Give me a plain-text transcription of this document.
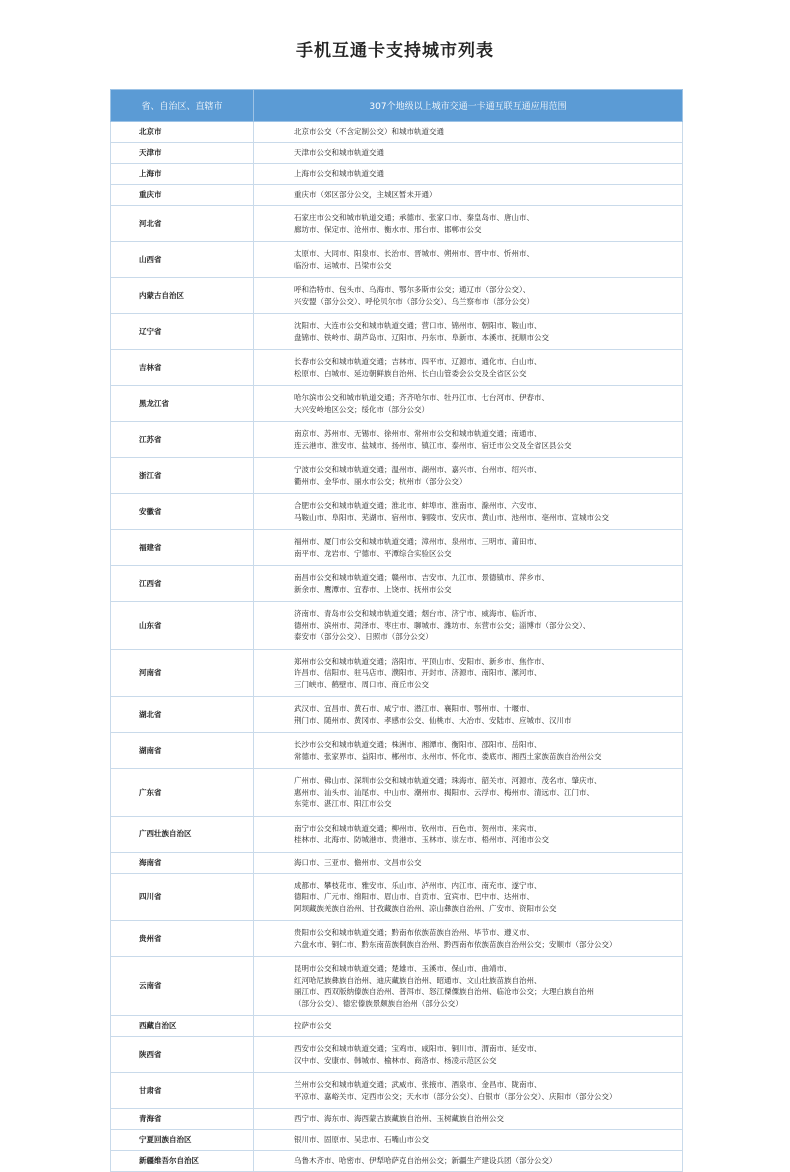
手机互通卡支持城市列表
省、自治区、直辖市	307个地级以上城市交通一卡通互联互通应用范围
北京市	北京市公交（不含定制公交）和城市轨道交通

天津市	天津市公交和城市轨道交通

上海市	上海市公交和城市轨道交通

重庆市	重庆市（郊区部分公交，主城区暂未开通）

河北省	石家庄市公交和城市轨道交通；承德市、张家口市、秦皇岛市、唐山市、
廊坊市、保定市、沧州市、衡水市、邢台市、邯郸市公交

山西省	太原市、大同市、阳泉市、长治市、晋城市、朔州市、晋中市、忻州市、
临汾市、运城市、吕梁市公交

内蒙古自治区	呼和浩特市、包头市、乌海市、鄂尔多斯市公交；通辽市（部分公交）、
兴安盟（部分公交）、呼伦贝尔市（部分公交）、乌兰察布市（部分公交）

辽宁省	沈阳市、大连市公交和城市轨道交通；营口市、锦州市、朝阳市、鞍山市、
盘锦市、铁岭市、葫芦岛市、辽阳市、丹东市、阜新市、本溪市、抚顺市公交

吉林省	长春市公交和城市轨道交通；吉林市、四平市、辽源市、通化市、白山市、
松原市、白城市、延边朝鲜族自治州、长白山管委会公交及全省区公交

黑龙江省	哈尔滨市公交和城市轨道交通；齐齐哈尔市、牡丹江市、七台河市、伊春市、
大兴安岭地区公交；绥化市（部分公交）

江苏省	南京市、苏州市、无锡市、徐州市、常州市公交和城市轨道交通；南通市、
连云港市、淮安市、盐城市、扬州市、镇江市、泰州市、宿迁市公交及全省区县公交

浙江省	宁波市公交和城市轨道交通；温州市、湖州市、嘉兴市、台州市、绍兴市、
衢州市、金华市、丽水市公交；杭州市（部分公交）

安徽省	合肥市公交和城市轨道交通；淮北市、蚌埠市、淮南市、滁州市、六安市、
马鞍山市、阜阳市、芜湖市、宿州市、铜陵市、安庆市、黄山市、池州市、亳州市、宣城市公交

福建省	福州市、厦门市公交和城市轨道交通；漳州市、泉州市、三明市、莆田市、
南平市、龙岩市、宁德市、平潭综合实验区公交

江西省	南昌市公交和城市轨道交通；赣州市、吉安市、九江市、景德镇市、萍乡市、
新余市、鹰潭市、宜春市、上饶市、抚州市公交

山东省	济南市、青岛市公交和城市轨道交通；烟台市、济宁市、威海市、临沂市、
德州市、滨州市、菏泽市、枣庄市、聊城市、潍坊市、东营市公交；淄博市（部分公交）、
泰安市（部分公交）、日照市（部分公交）

河南省	郑州市公交和城市轨道交通；洛阳市、平顶山市、安阳市、新乡市、焦作市、
许昌市、信阳市、驻马店市、濮阳市、开封市、济源市、南阳市、漯河市、
三门峡市、鹤壁市、周口市、商丘市公交

湖北省	武汉市、宜昌市、黄石市、咸宁市、潜江市、襄阳市、鄂州市、十堰市、
荆门市、随州市、黄冈市、孝感市公交、仙桃市、大冶市、安陆市、应城市、汉川市

湖南省	长沙市公交和城市轨道交通；株洲市、湘潭市、衡阳市、邵阳市、岳阳市、
常德市、张家界市、益阳市、郴州市、永州市、怀化市、娄底市、湘西土家族苗族自治州公交

广东省	广州市、佛山市、深圳市公交和城市轨道交通；珠海市、韶关市、河源市、茂名市、肇庆市、
惠州市、汕头市、汕尾市、中山市、潮州市、揭阳市、云浮市、梅州市、清远市、江门市、
东莞市、湛江市、阳江市公交

广西壮族自治区	南宁市公交和城市轨道交通；柳州市、钦州市、百色市、贺州市、来宾市、
桂林市、北海市、防城港市、贵港市、玉林市、崇左市、梧州市、河池市公交

海南省	海口市、三亚市、儋州市、文昌市公交

四川省	成都市、攀枝花市、雅安市、乐山市、泸州市、内江市、南充市、遂宁市、
德阳市、广元市、绵阳市、眉山市、自贡市、宜宾市、巴中市、达州市、
阿坝藏族羌族自治州、甘孜藏族自治州、凉山彝族自治州、广安市、资阳市公交

贵州省	贵阳市公交和城市轨道交通；黔南布依族苗族自治州、毕节市、遵义市、
六盘水市、铜仁市、黔东南苗族侗族自治州、黔西南布依族苗族自治州公交；安顺市（部分公交）

云南省	昆明市公交和城市轨道交通；楚雄市、玉溪市、保山市、曲靖市、
红河哈尼族彝族自治州、迪庆藏族自治州、昭通市、文山壮族苗族自治州、
丽江市、西双版纳傣族自治州、普洱市、怒江傈僳族自治州、临沧市公交；大理白族自治州
（部分公交）、德宏傣族景颇族自治州（部分公交）

西藏自治区	拉萨市公交

陕西省	西安市公交和城市轨道交通；宝鸡市、咸阳市、铜川市、渭南市、延安市、
汉中市、安康市、韩城市、榆林市、商洛市、杨凌示范区公交

甘肃省	兰州市公交和城市轨道交通；武威市、张掖市、酒泉市、金昌市、陇南市、
平凉市、嘉峪关市、定西市公交；天水市（部分公交）、白银市（部分公交）、庆阳市（部分公交）

青海省	西宁市、海东市、海西蒙古族藏族自治州、玉树藏族自治州公交

宁夏回族自治区	银川市、固原市、吴忠市、石嘴山市公交

新疆维吾尔自治区	乌鲁木齐市、哈密市、伊犁哈萨克自治州公交；新疆生产建设兵团（部分公交）
